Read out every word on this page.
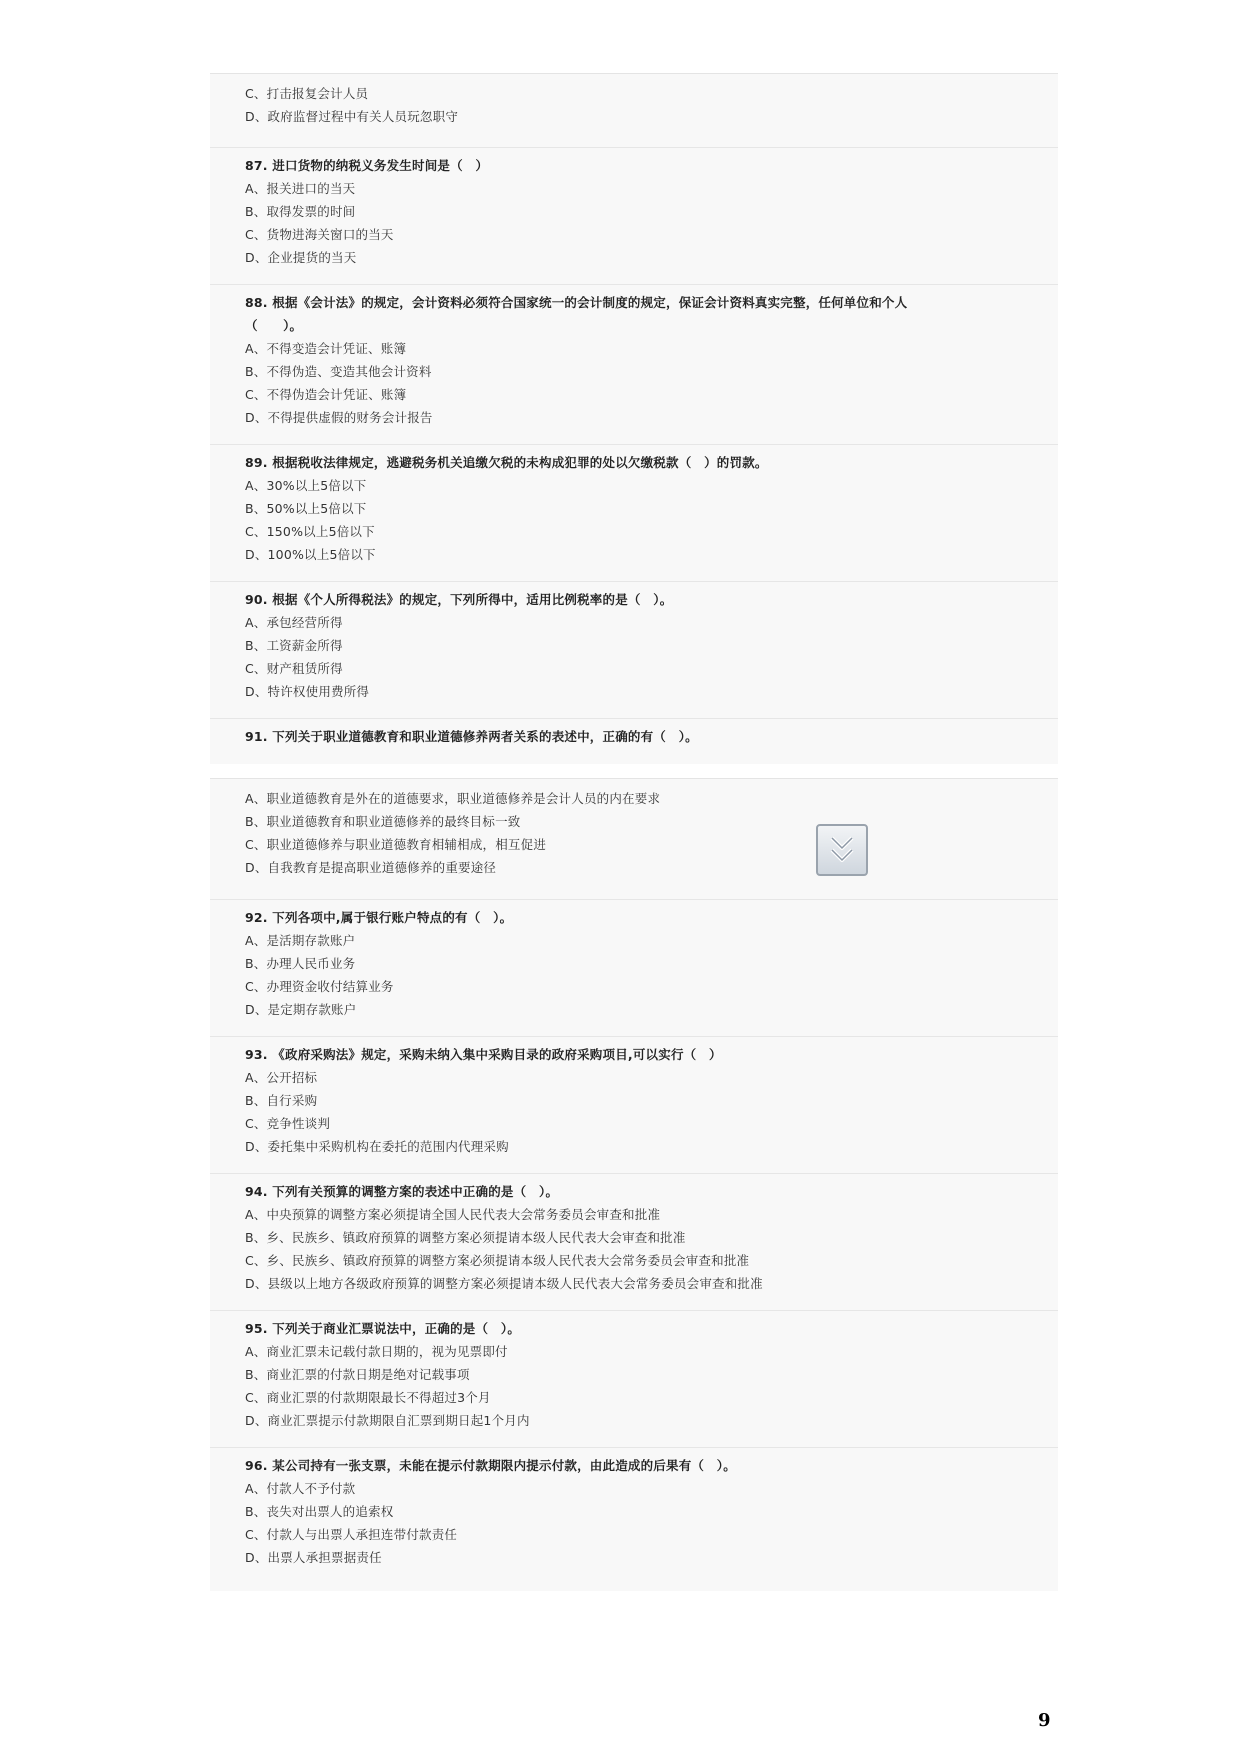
C、打击报复会计人员
D、政府监督过程中有关人员玩忽职守
87. 进口货物的纳税义务发生时间是（　）
A、报关进口的当天
B、取得发票的时间
C、货物进海关窗口的当天
D、企业提货的当天
88. 根据《会计法》的规定，会计资料必须符合国家统一的会计制度的规定，保证会计资料真实完整，任何单位和个人
（　　）。
A、不得变造会计凭证、账簿
B、不得伪造、变造其他会计资料
C、不得伪造会计凭证、账簿
D、不得提供虚假的财务会计报告
89. 根据税收法律规定，逃避税务机关追缴欠税的未构成犯罪的处以欠缴税款（　）的罚款。
A、30%以上5倍以下
B、50%以上5倍以下
C、150%以上5倍以下
D、100%以上5倍以下
90. 根据《个人所得税法》的规定，下列所得中，适用比例税率的是（　）。
A、承包经营所得
B、工资薪金所得
C、财产租赁所得
D、特许权使用费所得
91. 下列关于职业道德教育和职业道德修养两者关系的表述中，正确的有（　）。
A、职业道德教育是外在的道德要求，职业道德修养是会计人员的内在要求
B、职业道德教育和职业道德修养的最终目标一致
C、职业道德修养与职业道德教育相辅相成，相互促进
D、自我教育是提高职业道德修养的重要途径
92. 下列各项中,属于银行账户特点的有（　）。
A、是活期存款账户
B、办理人民币业务
C、办理资金收付结算业务
D、是定期存款账户
93. 《政府采购法》规定，采购未纳入集中采购目录的政府采购项目,可以实行（　）
A、公开招标
B、自行采购
C、竞争性谈判
D、委托集中采购机构在委托的范围内代理采购
94. 下列有关预算的调整方案的表述中正确的是（　）。
A、中央预算的调整方案必须提请全国人民代表大会常务委员会审查和批准
B、乡、民族乡、镇政府预算的调整方案必须提请本级人民代表大会审查和批准
C、乡、民族乡、镇政府预算的调整方案必须提请本级人民代表大会常务委员会审查和批准
D、县级以上地方各级政府预算的调整方案必须提请本级人民代表大会常务委员会审查和批准
95. 下列关于商业汇票说法中，正确的是（　）。
A、商业汇票未记载付款日期的，视为见票即付
B、商业汇票的付款日期是绝对记载事项
C、商业汇票的付款期限最长不得超过3个月
D、商业汇票提示付款期限自汇票到期日起1个月内
96. 某公司持有一张支票，未能在提示付款期限内提示付款，由此造成的后果有（　）。
A、付款人不予付款
B、丧失对出票人的追索权
C、付款人与出票人承担连带付款责任
D、出票人承担票据责任
9
